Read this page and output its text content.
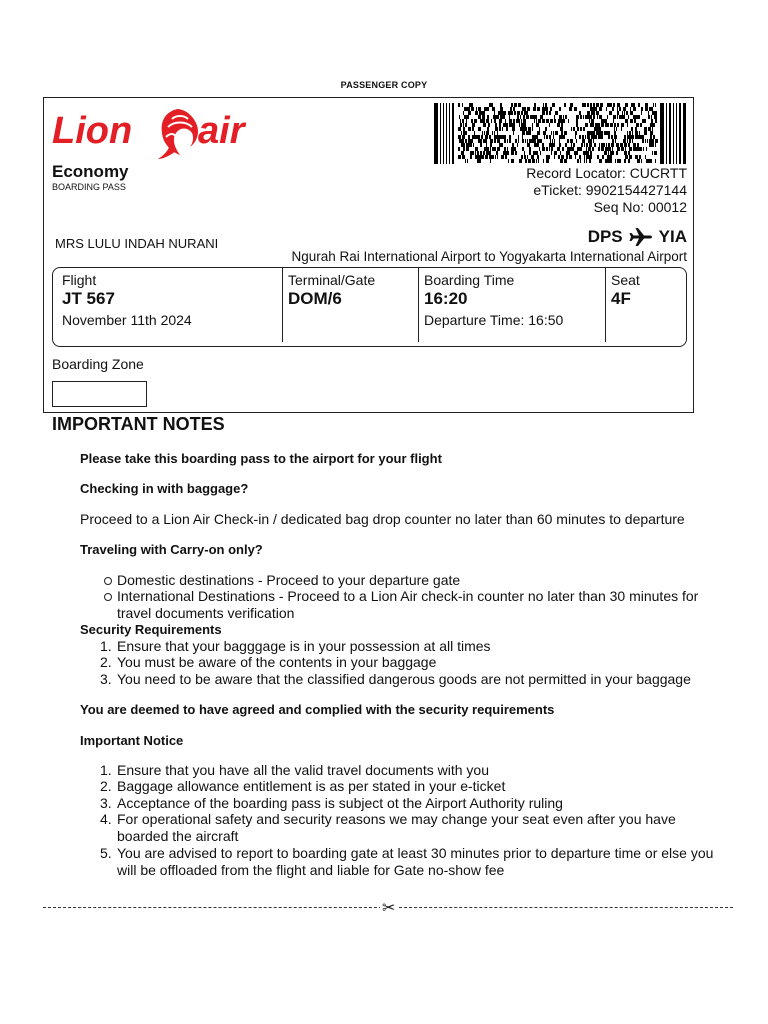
PASSENGER COPY
Lion air
Economy
BOARDING PASS
Record Locator: CUCRTT
eTicket: 9902154427144
Seq No: 00012
MRS LULU INDAH NURANI	DPS YIA
Ngurah Rai International Airport to Yogyakarta International Airport
Flight
JT 567
November 11th 2024
Terminal/Gate
DOM/6
Boarding Time
16:20
Departure Time: 16:50
Seat
4F
Boarding Zone
IMPORTANT NOTES
Please take this boarding pass to the airport for your flight
Checking in with baggage?
Proceed to a Lion Air Check-in / dedicated bag drop counter no later than 60 minutes to departure
Traveling with Carry-on only?
Domestic destinations - Proceed to your departure gate
International Destinations - Proceed to a Lion Air check-in counter no later than 30 minutes for travel documents verification
Security Requirements
1. Ensure that your bagggage is in your possession at all times
2. You must be aware of the contents in your baggage
3. You need to be aware that the classified dangerous goods are not permitted in your baggage
You are deemed to have agreed and complied with the security requirements
Important Notice
1. Ensure that you have all the valid travel documents with you
2. Baggage allowance entitlement is as per stated in your e-ticket
3. Acceptance of the boarding pass is subject ot the Airport Authority ruling
4. For operational safety and security reasons we may change your seat even after you have boarded the aircraft
5. You are advised to report to boarding gate at least 30 minutes prior to departure time or else you will be offloaded from the flight and liable for Gate no-show fee
✂
